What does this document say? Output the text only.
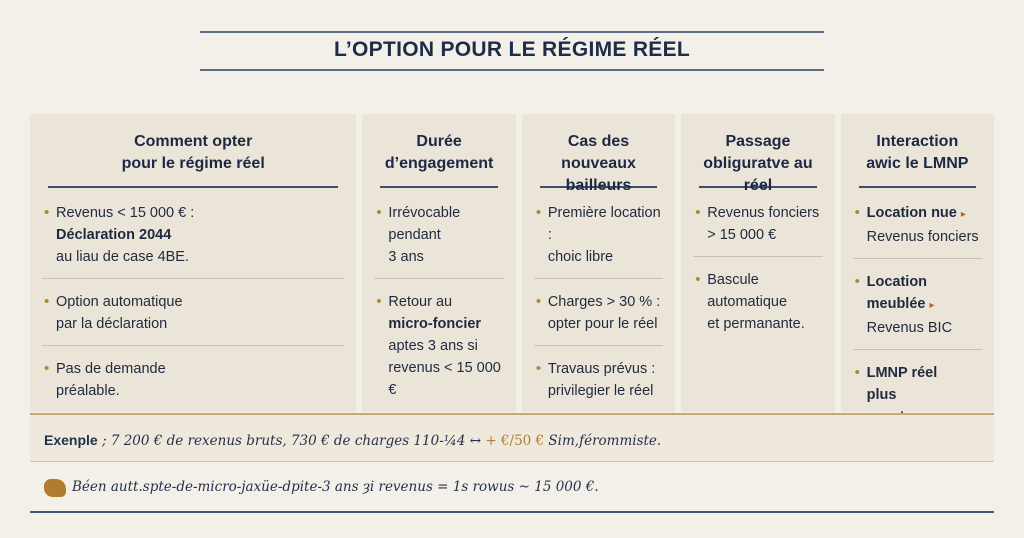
L’OPTION POUR LE RÉGIME RÉEL
Comment opter
pour le régime réel
• Revenus < 15 000 € :
Déclaration 2044
au liau de case 4BE.
• Option automatique
par la déclaration
• Pas de demande
préalable.
Durée
d’engagement
• Irrévocable pendant
3 ans
• Retour au
micro-foncier
aptes 3 ans si
revenus < 15 000 €
Cas des
nouveaux bailleurs
• Première location :
choic libre
• Charges > 30 % :
opter pour le réel
• Travaus prévus :
privilegier le réel
Passage
obliguratve au réel
• Revenus fonciers
> 15 000 €
• Bascule automatique
et permanante.
Interaction
awic le LMNP
• Location nue ▸
Revenus fonciers
• Location meublée ▸
Revenus BIC
• LMNP réel
plus
Exenple ; 7 200 € de rexenus bruts, 730 € de charges 110-¼4 ↔ + €/50 € Sim,férommiste.
Béen autt.spte-de-micro-jaxüe-dpite-3 ans ȝi revenus = 1s rowus ~ 15 000 €.
